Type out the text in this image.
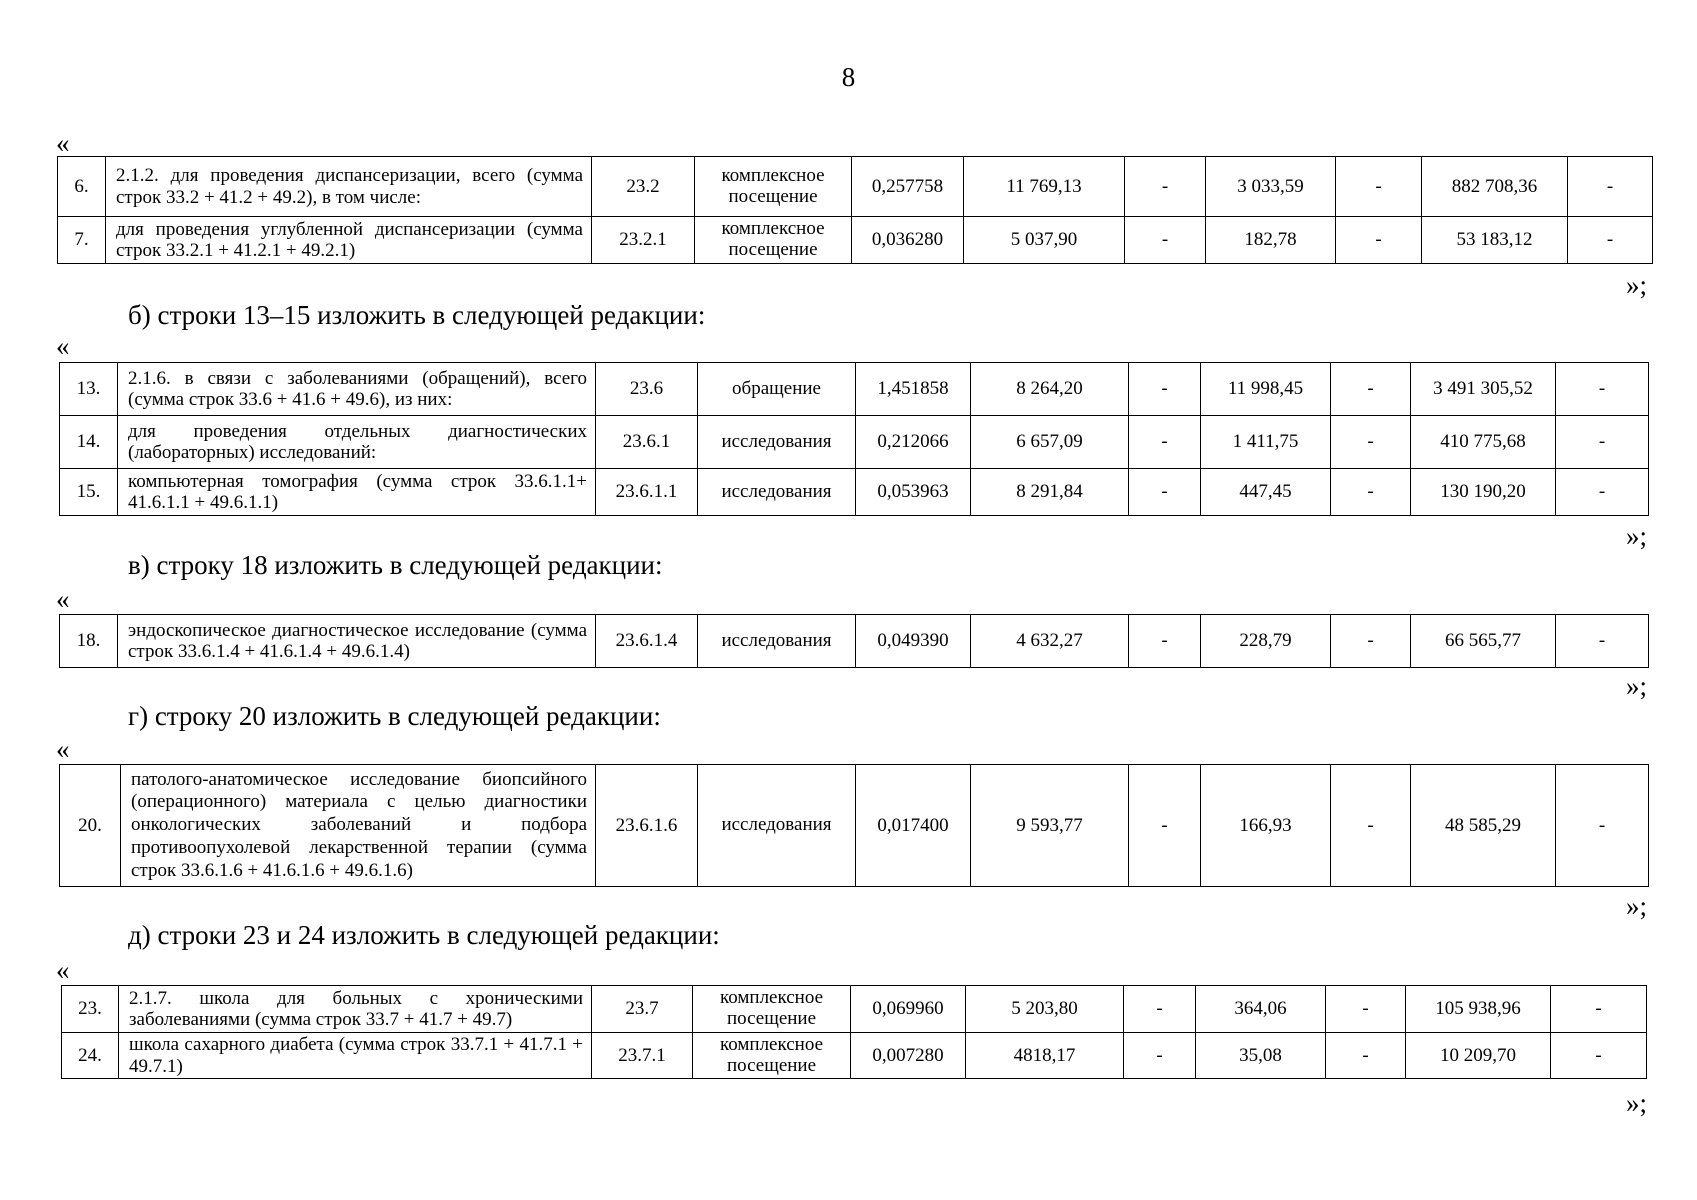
8
«
6.	2.1.2. для проведения диспансеризации, всего (сумма строк 33.2 + 41.2 + 49.2), в том числе:	23.2	комплексное посещение	0,257758	11 769,13	-	3 033,59	-	882 708,36	-
7.	для проведения углубленной диспансеризации (сумма строк 33.2.1 + 41.2.1 + 49.2.1)	23.2.1	комплексное посещение	0,036280	5 037,90	-	182,78	-	53 183,12	-
»;
б) строки 13–15 изложить в следующей редакции:
«
13.	2.1.6. в связи с заболеваниями (обращений), всего (сумма строк 33.6 + 41.6 + 49.6), из них:	23.6	обращение	1,451858	8 264,20	-	11 998,45	-	3 491 305,52	-
14.	для проведения отдельных диагностических (лабораторных) исследований:	23.6.1	исследования	0,212066	6 657,09	-	1 411,75	-	410 775,68	-
15.	компьютерная томография (сумма строк 33.6.1.1+ 41.6.1.1 + 49.6.1.1)	23.6.1.1	исследования	0,053963	8 291,84	-	447,45	-	130 190,20	-
»;
в) строку 18 изложить в следующей редакции:
«
18.	эндоскопическое диагностическое исследование (сумма строк 33.6.1.4 + 41.6.1.4 + 49.6.1.4)	23.6.1.4	исследования	0,049390	4 632,27	-	228,79	-	66 565,77	-
»;
г) строку 20 изложить в следующей редакции:
«
20.	патолого-анатомическое исследование биопсийного (операционного) материала с целью диагностики онкологических заболеваний и подбора противоопухолевой лекарственной терапии (сумма строк 33.6.1.6 + 41.6.1.6 + 49.6.1.6)	23.6.1.6	исследования	0,017400	9 593,77	-	166,93	-	48 585,29	-
»;
д) строки 23 и 24 изложить в следующей редакции:
«
23.	2.1.7. школа для больных с хроническими заболеваниями (сумма строк 33.7 + 41.7 + 49.7)	23.7	комплексное посещение	0,069960	5 203,80	-	364,06	-	105 938,96	-
24.	школа сахарного диабета (сумма строк 33.7.1 + 41.7.1 + 49.7.1)	23.7.1	комплексное посещение	0,007280	4818,17	-	35,08	-	10 209,70	-
»;
